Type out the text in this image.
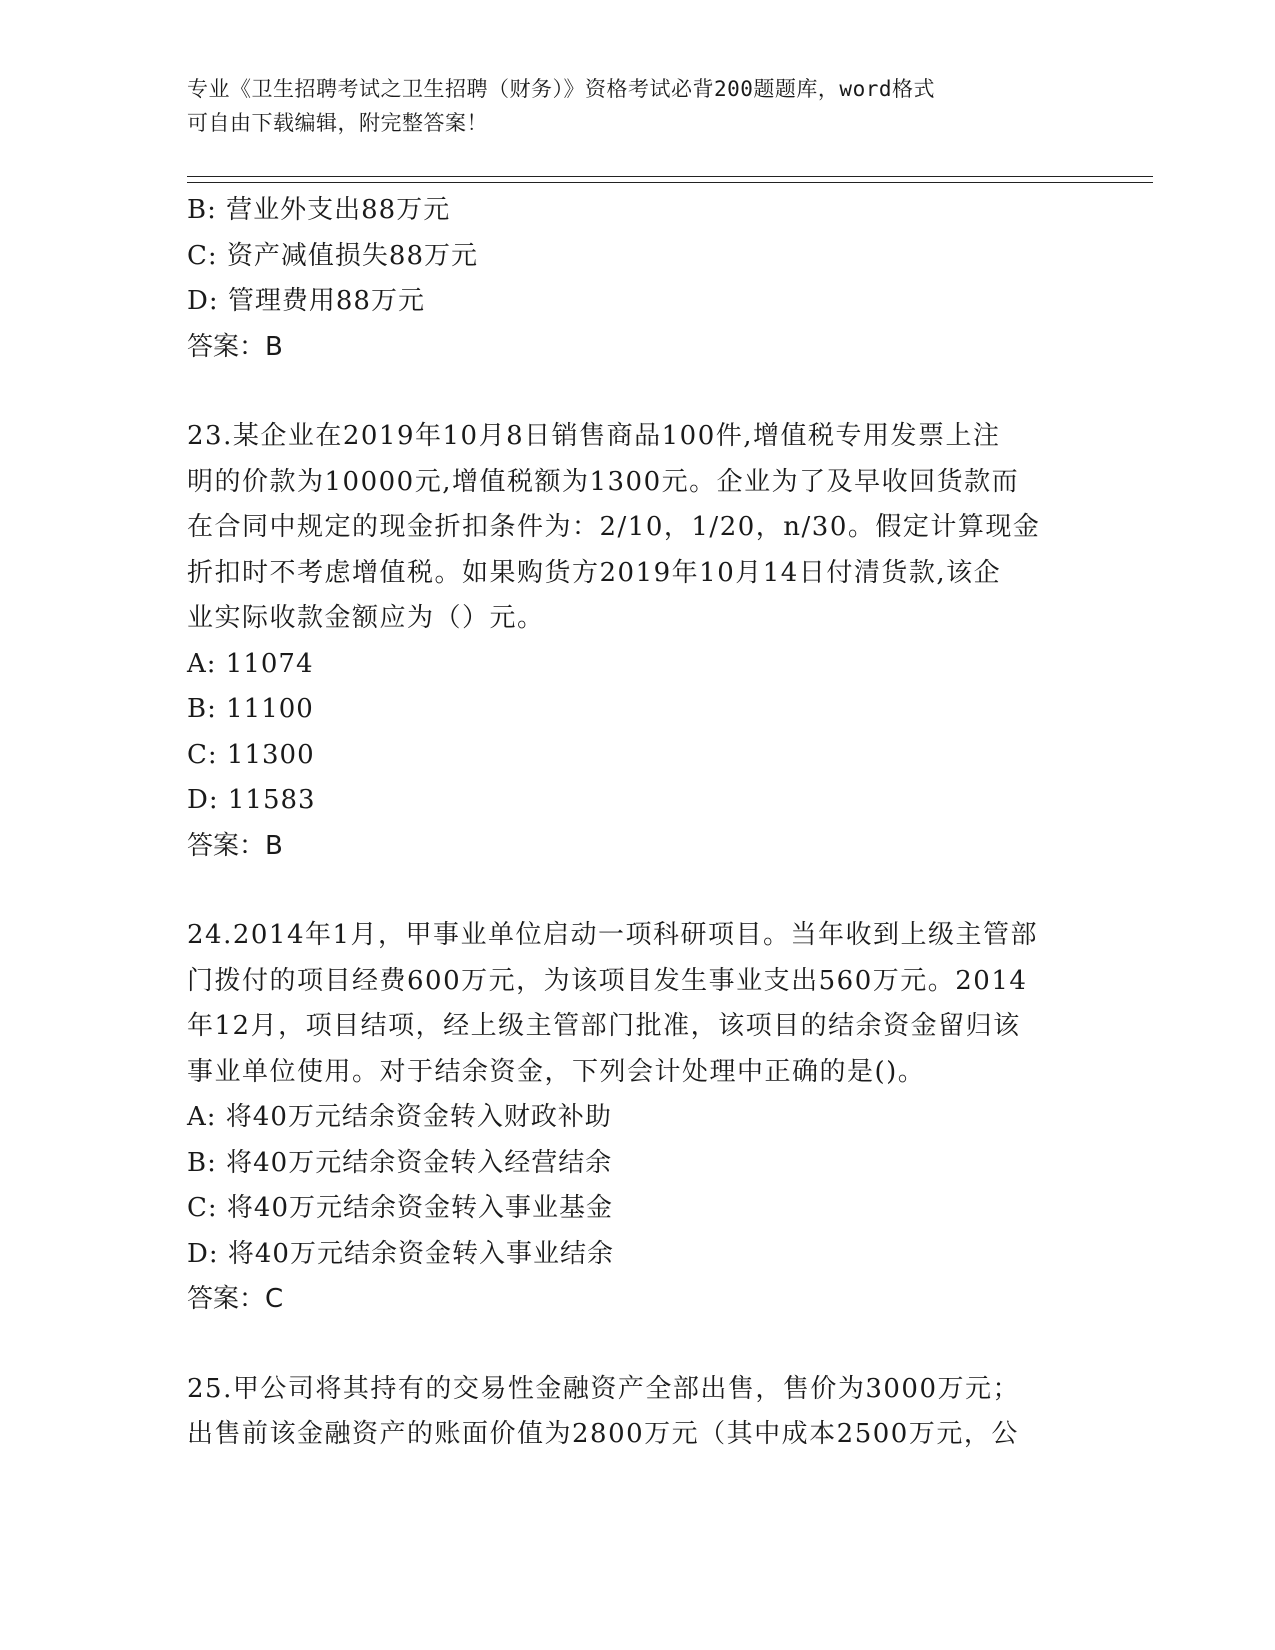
专业《卫生招聘考试之卫生招聘（财务）》资格考试必背200题题库，word格式
可自由下载编辑，附完整答案！
B: 营业外支出88万元
C: 资产减值损失88万元
D: 管理费用88万元
答案：B
23.某企业在2019年10月8日销售商品100件,增值税专用发票上注
明的价款为10000元,增值税额为1300元。企业为了及早收回货款而
在合同中规定的现金折扣条件为：2/10，1/20，n/30。假定计算现金
折扣时不考虑增值税。如果购货方2019年10月14日付清货款,该企
业实际收款金额应为（）元。
A: 11074
B: 11100
C: 11300
D: 11583
答案：B
24.2014年1月，甲事业单位启动一项科研项目。当年收到上级主管部
门拨付的项目经费600万元，为该项目发生事业支出560万元。2014
年12月，项目结项，经上级主管部门批准，该项目的结余资金留归该
事业单位使用。对于结余资金，下列会计处理中正确的是()。
A: 将40万元结余资金转入财政补助
B: 将40万元结余资金转入经营结余
C: 将40万元结余资金转入事业基金
D: 将40万元结余资金转入事业结余
答案：C
25.甲公司将其持有的交易性金融资产全部出售，售价为3000万元；
出售前该金融资产的账面价值为2800万元（其中成本2500万元，公
